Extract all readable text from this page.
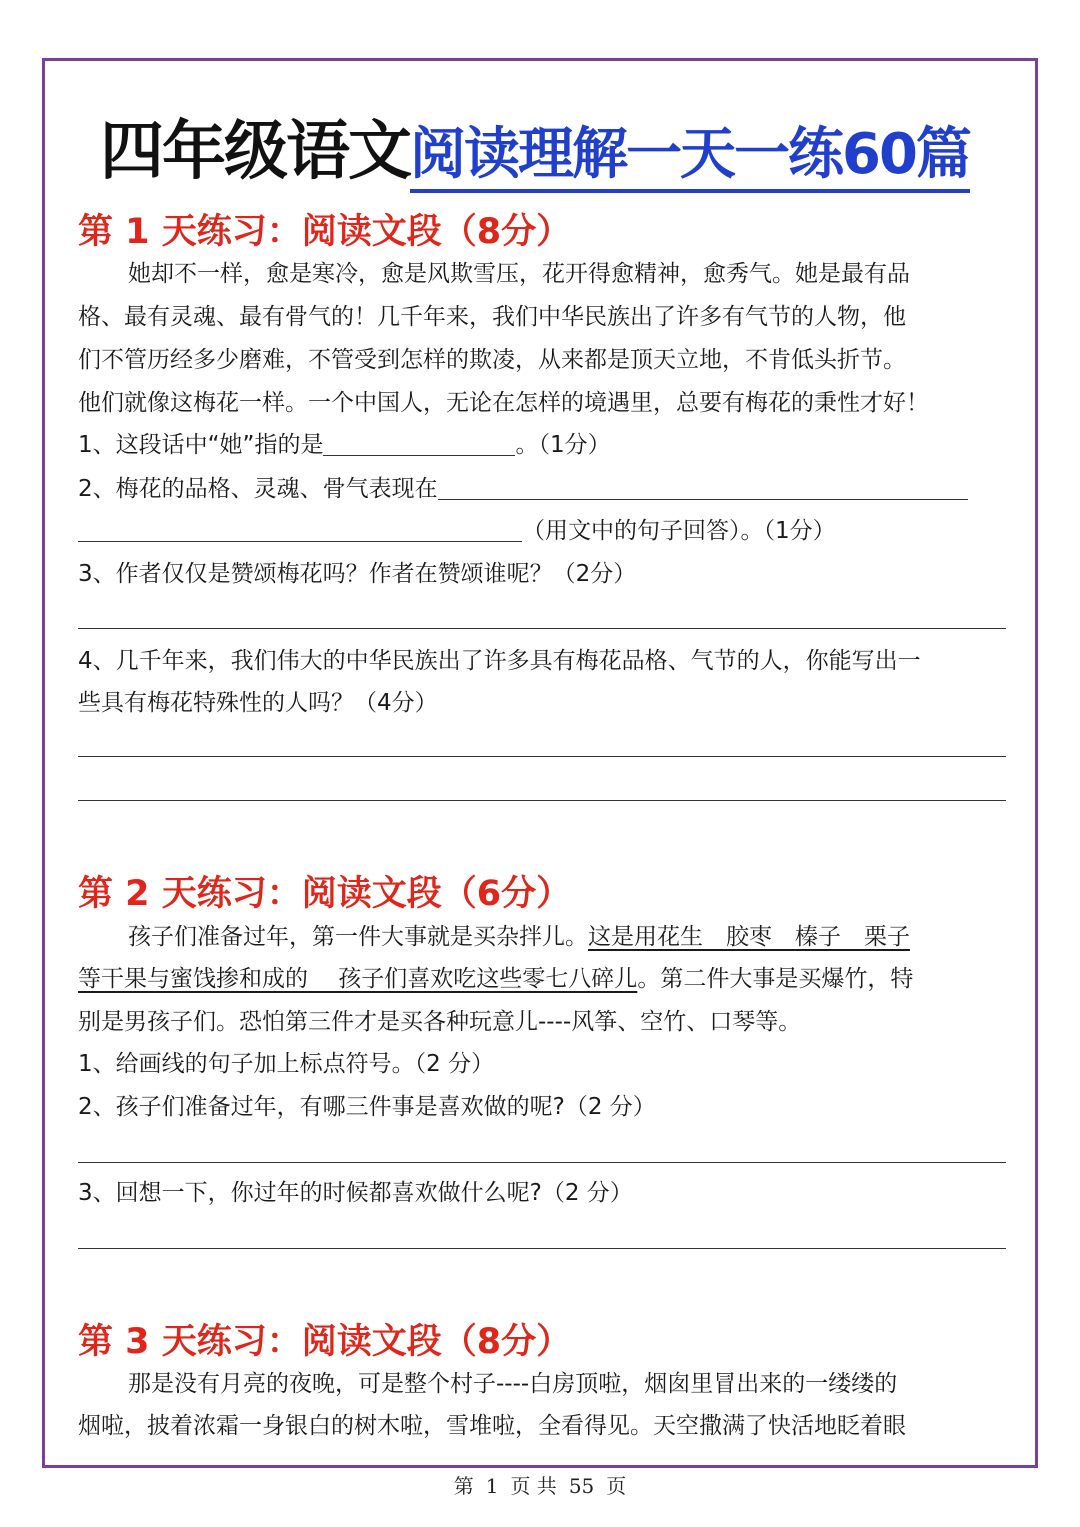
四年级语文阅读理解一天一练60篇
第 1 天练习：阅读文段（8分）
她却不一样，愈是寒冷，愈是风欺雪压，花开得愈精神，愈秀气。她是最有品
格、最有灵魂、最有骨气的！几千年来，我们中华民族出了许多有气节的人物，他
们不管历经多少磨难，不管受到怎样的欺凌，从来都是顶天立地，不肯低头折节。
他们就像这梅花一样。一个中国人，无论在怎样的境遇里，总要有梅花的秉性才好！
1、这段话中“她”指的是	。（1分）
2、梅花的品格、灵魂、骨气表现在
（用文中的句子回答）。（1分）
3、作者仅仅是赞颂梅花吗？作者在赞颂谁呢？（2分）
4、几千年来，我们伟大的中华民族出了许多具有梅花品格、气节的人，你能写出一
些具有梅花特殊性的人吗？（4分）
第 2 天练习：阅读文段（6分）
孩子们准备过年，第一件大事就是买杂拌儿。这是用花生　胶枣　榛子　栗子
等干果与蜜饯掺和成的　 孩子们喜欢吃这些零七八碎儿。第二件大事是买爆竹，特
别是男孩子们。恐怕第三件才是买各种玩意儿----风筝、空竹、口琴等。
1、给画线的句子加上标点符号。（2 分）
2、孩子们准备过年，有哪三件事是喜欢做的呢?（2 分）
3、回想一下，你过年的时候都喜欢做什么呢?（2 分）
第 3 天练习：阅读文段（8分）
那是没有月亮的夜晚，可是整个村子----白房顶啦，烟囱里冒出来的一缕缕的
烟啦，披着浓霜一身银白的树木啦，雪堆啦，全看得见。天空撒满了快活地眨着眼
第 1 页 共 55 页
